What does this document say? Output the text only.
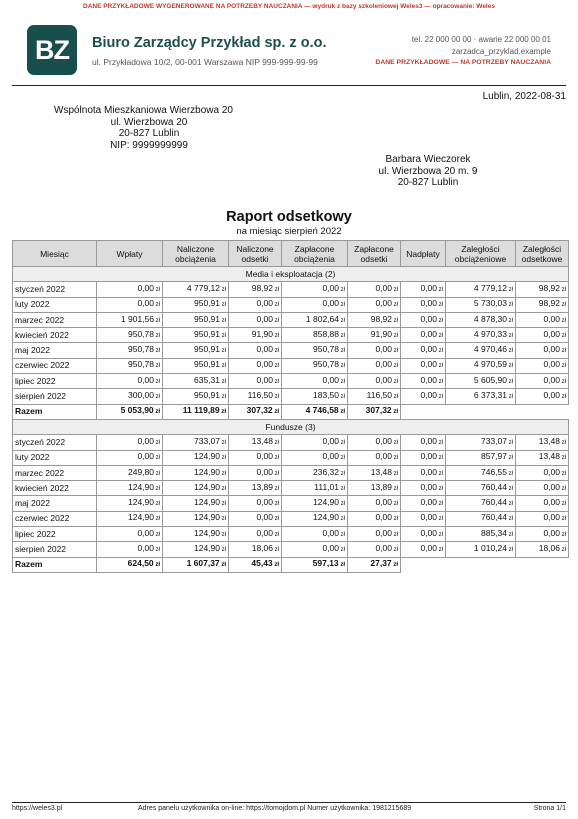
DANE PRZYKŁADOWE WYGENEROWANE NA POTRZEBY NAUCZANIA — wydruk z bazy szkoleniowej Weles3 — opracowanie: Weles
BZ	Biuro Zarządcy Przykład sp. z o.o.
ul. Przykładowa 10/2, 00-001 Warszawa NIP 999-999-99-99
tel. 22 000 00 00 · awarie 22 000 00 01
zarzadca_przyklad.example
DANE PRZYKŁADOWE — NA POTRZEBY NAUCZANIA
Lublin, 2022-08-31
Wspólnota Mieszkaniowa Wierzbowa 20
ul. Wierzbowa 20
20-827 Lublin
NIP: 9999999999
Barbara Wieczorek
ul. Wierzbowa 20 m. 9
20-827 Lublin
Raport odsetkowy
na miesiąc sierpień 2022
Miesiąc	Wpłaty	Naliczone obciążenia	Naliczone odsetki	Zapłacone obciążenia	Zapłacone odsetki	Nadpłaty	Zaległości obciążeniowe	Zaległości odsetkowe
Media i eksploatacja (2)								
styczeń 2022	0,00 zł	4 779,12 zł	98,92 zł	0,00 zł	0,00 zł	0,00 zł	4 779,12 zł	98,92 zł
luty 2022	0,00 zł	950,91 zł	0,00 zł	0,00 zł	0,00 zł	0,00 zł	5 730,03 zł	98,92 zł
marzec 2022	1 901,56 zł	950,91 zł	0,00 zł	1 802,64 zł	98,92 zł	0,00 zł	4 878,30 zł	0,00 zł
kwiecień 2022	950,78 zł	950,91 zł	91,90 zł	858,88 zł	91,90 zł	0,00 zł	4 970,33 zł	0,00 zł
maj 2022	950,78 zł	950,91 zł	0,00 zł	950,78 zł	0,00 zł	0,00 zł	4 970,46 zł	0,00 zł
czerwiec 2022	950,78 zł	950,91 zł	0,00 zł	950,78 zł	0,00 zł	0,00 zł	4 970,59 zł	0,00 zł
lipiec 2022	0,00 zł	635,31 zł	0,00 zł	0,00 zł	0,00 zł	0,00 zł	5 605,90 zł	0,00 zł
sierpień 2022	300,00 zł	950,91 zł	116,50 zł	183,50 zł	116,50 zł	0,00 zł	6 373,31 zł	0,00 zł
Razem	5 053,90 zł	11 119,89 zł	307,32 zł	4 746,58 zł	307,32 zł			
Fundusze (3)								
styczeń 2022	0,00 zł	733,07 zł	13,48 zł	0,00 zł	0,00 zł	0,00 zł	733,07 zł	13,48 zł
luty 2022	0,00 zł	124,90 zł	0,00 zł	0,00 zł	0,00 zł	0,00 zł	857,97 zł	13,48 zł
marzec 2022	249,80 zł	124,90 zł	0,00 zł	236,32 zł	13,48 zł	0,00 zł	746,55 zł	0,00 zł
kwiecień 2022	124,90 zł	124,90 zł	13,89 zł	111,01 zł	13,89 zł	0,00 zł	760,44 zł	0,00 zł
maj 2022	124,90 zł	124,90 zł	0,00 zł	124,90 zł	0,00 zł	0,00 zł	760,44 zł	0,00 zł
czerwiec 2022	124,90 zł	124,90 zł	0,00 zł	124,90 zł	0,00 zł	0,00 zł	760,44 zł	0,00 zł
lipiec 2022	0,00 zł	124,90 zł	0,00 zł	0,00 zł	0,00 zł	0,00 zł	885,34 zł	0,00 zł
sierpień 2022	0,00 zł	124,90 zł	18,06 zł	0,00 zł	0,00 zł	0,00 zł	1 010,24 zł	18,06 zł
Razem	624,50 zł	1 607,37 zł	45,43 zł	597,13 zł	27,37 zł			
https://weles3.pl	Adres panelu użytkownika on-line: https://tomojdom.pl Numer użytkownika: 1981215689	Strona 1/1
